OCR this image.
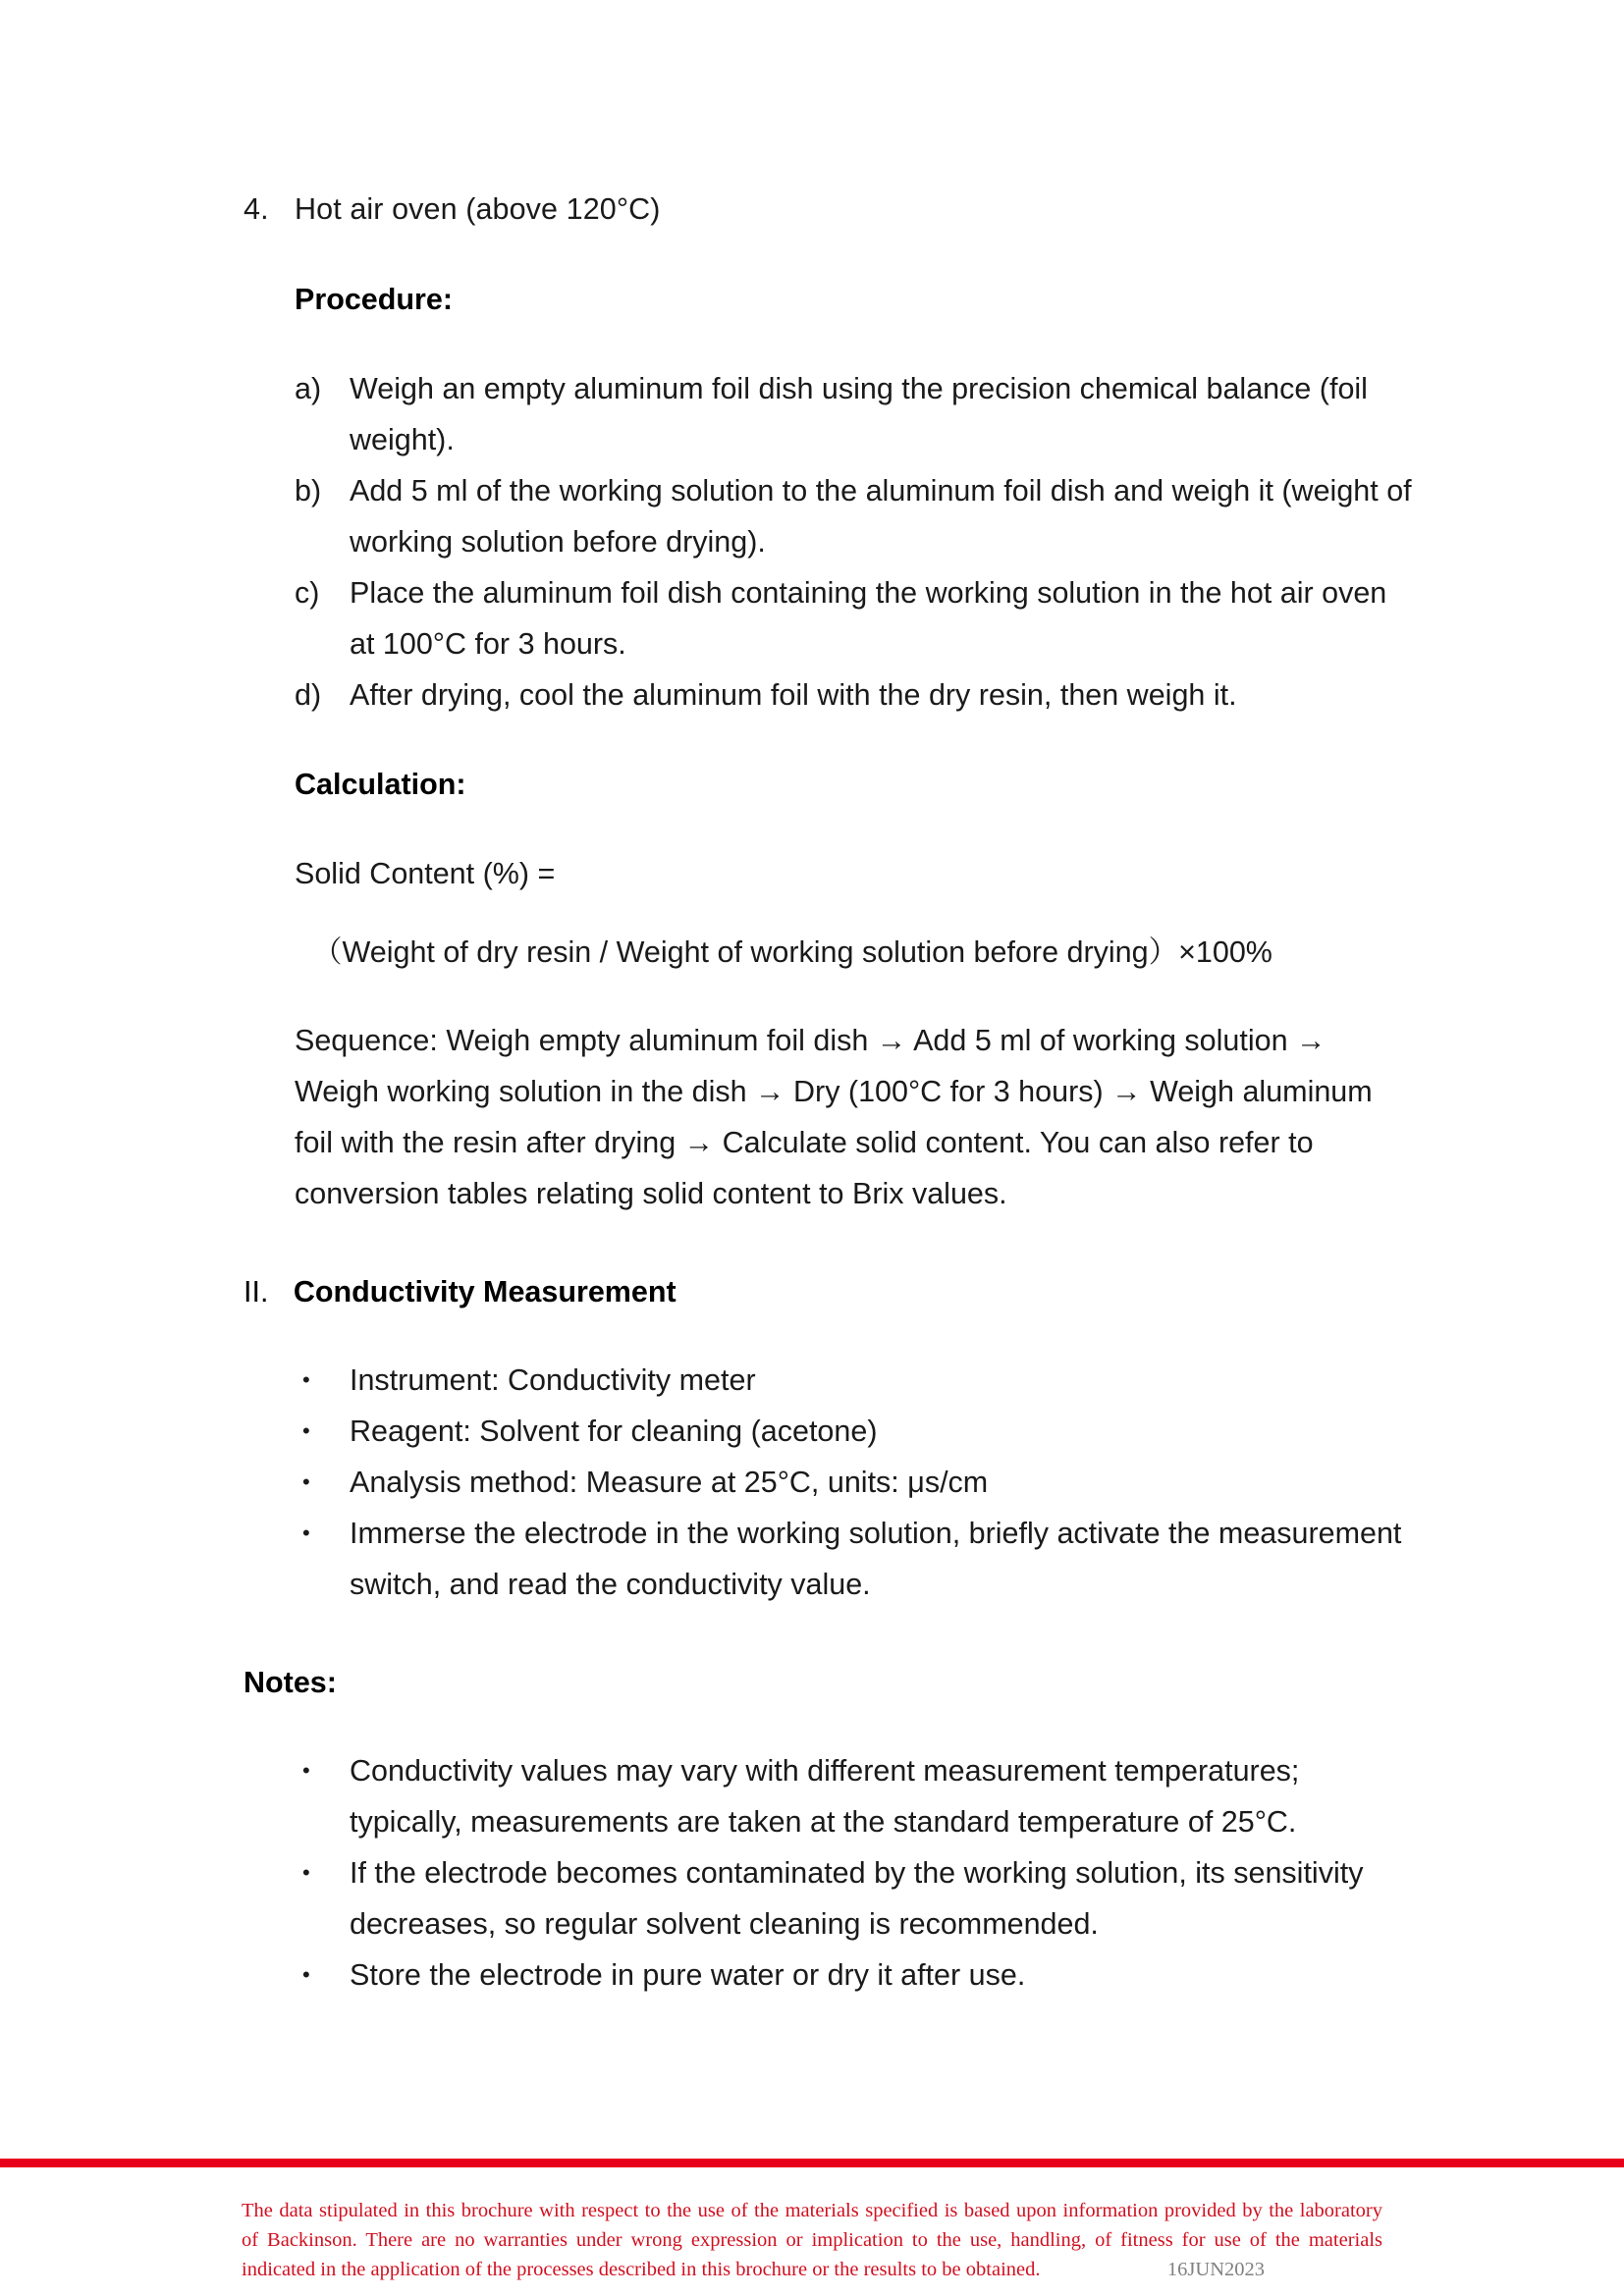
4. Hot air oven (above 120°C)
Procedure:
a) Weigh an empty aluminum foil dish using the precision chemical balance (foil weight).
b) Add 5 ml of the working solution to the aluminum foil dish and weigh it (weight of working solution before drying).
c)	Place the aluminum foil dish containing the working solution in the hot air oven at 100°C for 3 hours.
d) After drying, cool the aluminum foil with the dry resin, then weigh it.
Calculation:
Solid Content (%) =
（Weight of dry resin / Weight of working solution before drying）×100%
Sequence: Weigh empty aluminum foil dish → Add 5 ml of working solution → Weigh working solution in the dish → Dry (100°C for 3 hours) → Weigh aluminum foil with the resin after drying → Calculate solid content. You can also refer to conversion tables relating solid content to Brix values.
II. Conductivity Measurement
•	Instrument: Conductivity meter
•	Reagent: Solvent for cleaning (acetone)
•	Analysis method: Measure at 25°C, units: μs/cm
•	Immerse the electrode in the working solution, briefly activate the measurement switch, and read the conductivity value.
Notes:
•	Conductivity values may vary with different measurement temperatures; typically, measurements are taken at the standard temperature of 25°C.
•	If the electrode becomes contaminated by the working solution, its sensitivity decreases, so regular solvent cleaning is recommended.
•	Store the electrode in pure water or dry it after use.
The data stipulated in this brochure with respect to the use of the materials specified is based upon information provided by the laboratory
of Backinson. There are no warranties under wrong expression or implication to the use, handling, of fitness for use of the materials
indicated in the application of the processes described in this brochure or the results to be obtained.	16JUN2023
